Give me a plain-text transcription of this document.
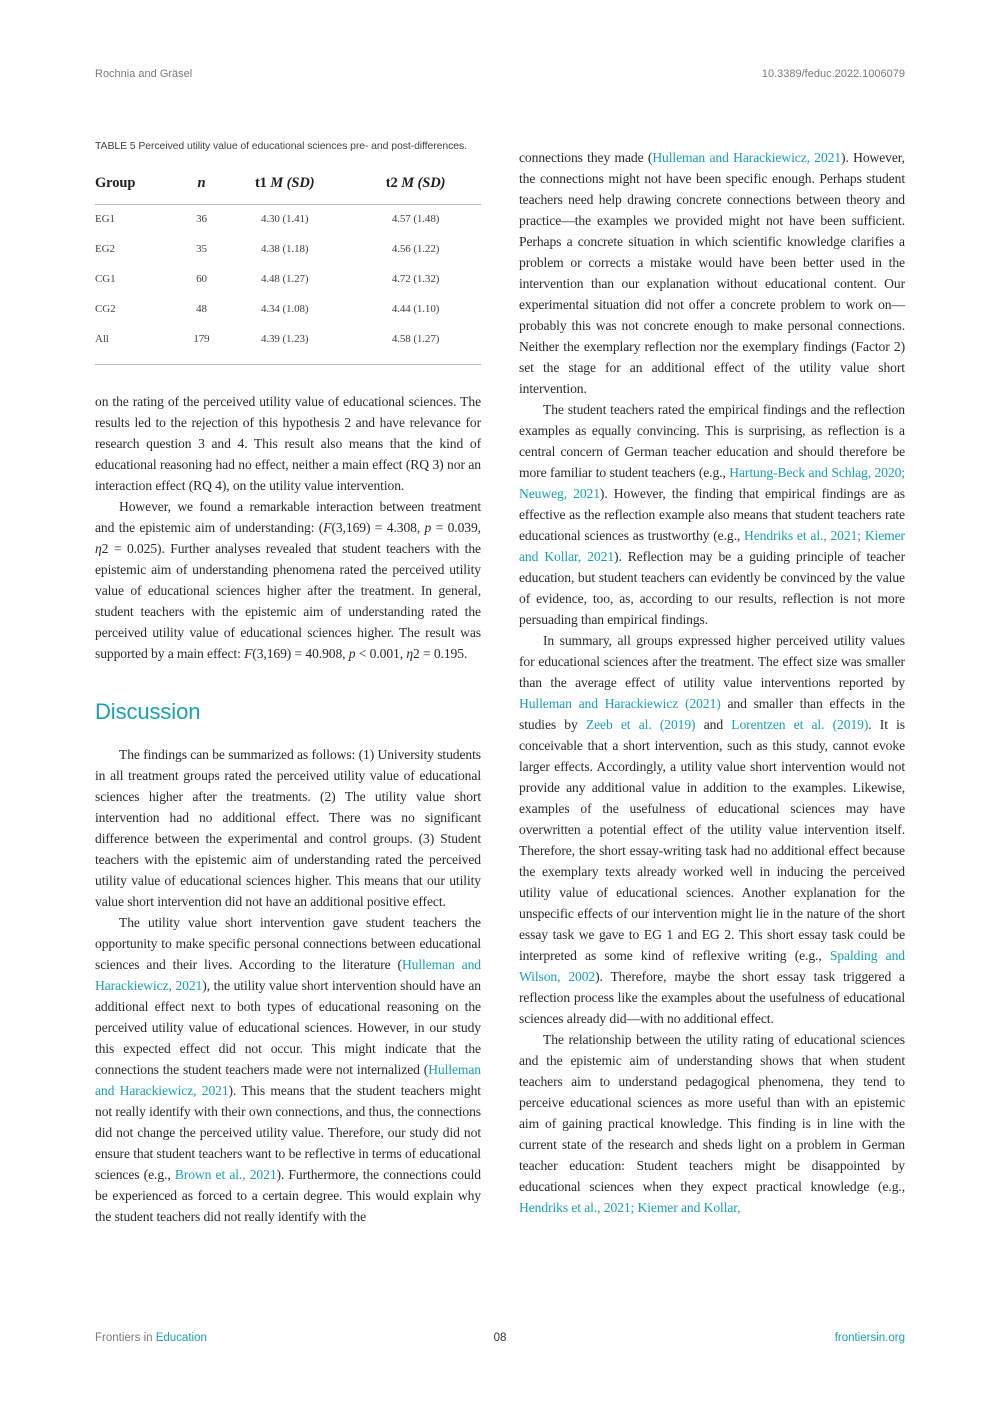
Rochnia and Gräsel	10.3389/feduc.2022.1006079
TABLE 5 Perceived utility value of educational sciences pre- and post-differences.
Group	n	t1 M (SD)	t2 M (SD)
EG1	36	4.30 (1.41)	4.57 (1.48)
EG2	35	4.38 (1.18)	4.56 (1.22)
CG1	60	4.48 (1.27)	4.72 (1.32)
CG2	48	4.34 (1.08)	4.44 (1.10)
All	179	4.39 (1.23)	4.58 (1.27)

on the rating of the perceived utility value of educational sciences. The results led to the rejection of this hypothesis 2 and have relevance for research question 3 and 4. This result also means that the kind of educational reasoning had no effect, neither a main effect (RQ 3) nor an interaction effect (RQ 4), on the utility value intervention.

However, we found a remarkable interaction between treatment and the epistemic aim of understanding: (F(3,169) = 4.308, p = 0.039, η2 = 0.025). Further analyses revealed that student teachers with the epistemic aim of understanding phenomena rated the perceived utility value of educational sciences higher after the treatment. In general, student teachers with the epistemic aim of understanding rated the perceived utility value of educational sciences higher. The result was supported by a main effect: F(3,169) = 40.908, p < 0.001, η2 = 0.195.

Discussion

The findings can be summarized as follows: (1) University students in all treatment groups rated the perceived utility value of educational sciences higher after the treatments. (2) The utility value short intervention had no additional effect. There was no significant difference between the experimental and control groups. (3) Student teachers with the epistemic aim of understanding rated the perceived utility value of educational sciences higher. This means that our utility value short intervention did not have an additional positive effect.

The utility value short intervention gave student teachers the opportunity to make specific personal connections between educational sciences and their lives. According to the literature (Hulleman and Harackiewicz, 2021), the utility value short intervention should have an additional effect next to both types of educational reasoning on the perceived utility value of educational sciences. However, in our study this expected effect did not occur. This might indicate that the connections the student teachers made were not internalized (Hulleman and Harackiewicz, 2021). This means that the student teachers might not really identify with their own connections, and thus, the connections did not change the perceived utility value. Therefore, our study did not ensure that student teachers want to be reflective in terms of educational sciences (e.g., Brown et al., 2021). Furthermore, the connections could be experienced as forced to a certain degree. This would explain why the student teachers did not really identify with the

connections they made (Hulleman and Harackiewicz, 2021). However, the connections might not have been specific enough. Perhaps student teachers need help drawing concrete connections between theory and practice—the examples we provided might not have been sufficient. Perhaps a concrete situation in which scientific knowledge clarifies a problem or corrects a mistake would have been better used in the intervention than our explanation without educational content. Our experimental situation did not offer a concrete problem to work on—probably this was not concrete enough to make personal connections. Neither the exemplary reflection nor the exemplary findings (Factor 2) set the stage for an additional effect of the utility value short intervention.

The student teachers rated the empirical findings and the reflection examples as equally convincing. This is surprising, as reflection is a central concern of German teacher education and should therefore be more familiar to student teachers (e.g., Hartung-Beck and Schlag, 2020; Neuweg, 2021). However, the finding that empirical findings are as effective as the reflection example also means that student teachers rate educational sciences as trustworthy (e.g., Hendriks et al., 2021; Kiemer and Kollar, 2021). Reflection may be a guiding principle of teacher education, but student teachers can evidently be convinced by the value of evidence, too, as, according to our results, reflection is not more persuading than empirical findings.

In summary, all groups expressed higher perceived utility values for educational sciences after the treatment. The effect size was smaller than the average effect of utility value interventions reported by Hulleman and Harackiewicz (2021) and smaller than effects in the studies by Zeeb et al. (2019) and Lorentzen et al. (2019). It is conceivable that a short intervention, such as this study, cannot evoke larger effects. Accordingly, a utility value short intervention would not provide any additional value in addition to the examples. Likewise, examples of the usefulness of educational sciences may have overwritten a potential effect of the utility value intervention itself. Therefore, the short essay-writing task had no additional effect because the exemplary texts already worked well in inducing the perceived utility value of educational sciences. Another explanation for the unspecific effects of our intervention might lie in the nature of the short essay task we gave to EG 1 and EG 2. This short essay task could be interpreted as some kind of reflexive writing (e.g., Spalding and Wilson, 2002). Therefore, maybe the short essay task triggered a reflection process like the examples about the usefulness of educational sciences already did—with no additional effect.

The relationship between the utility rating of educational sciences and the epistemic aim of understanding shows that when student teachers aim to understand pedagogical phenomena, they tend to perceive educational sciences as more useful than with an epistemic aim of gaining practical knowledge. This finding is in line with the current state of the research and sheds light on a problem in German teacher education: Student teachers might be disappointed by educational sciences when they expect practical knowledge (e.g., Hendriks et al., 2021; Kiemer and Kollar,

Frontiers in Education	08	frontiersin.org
